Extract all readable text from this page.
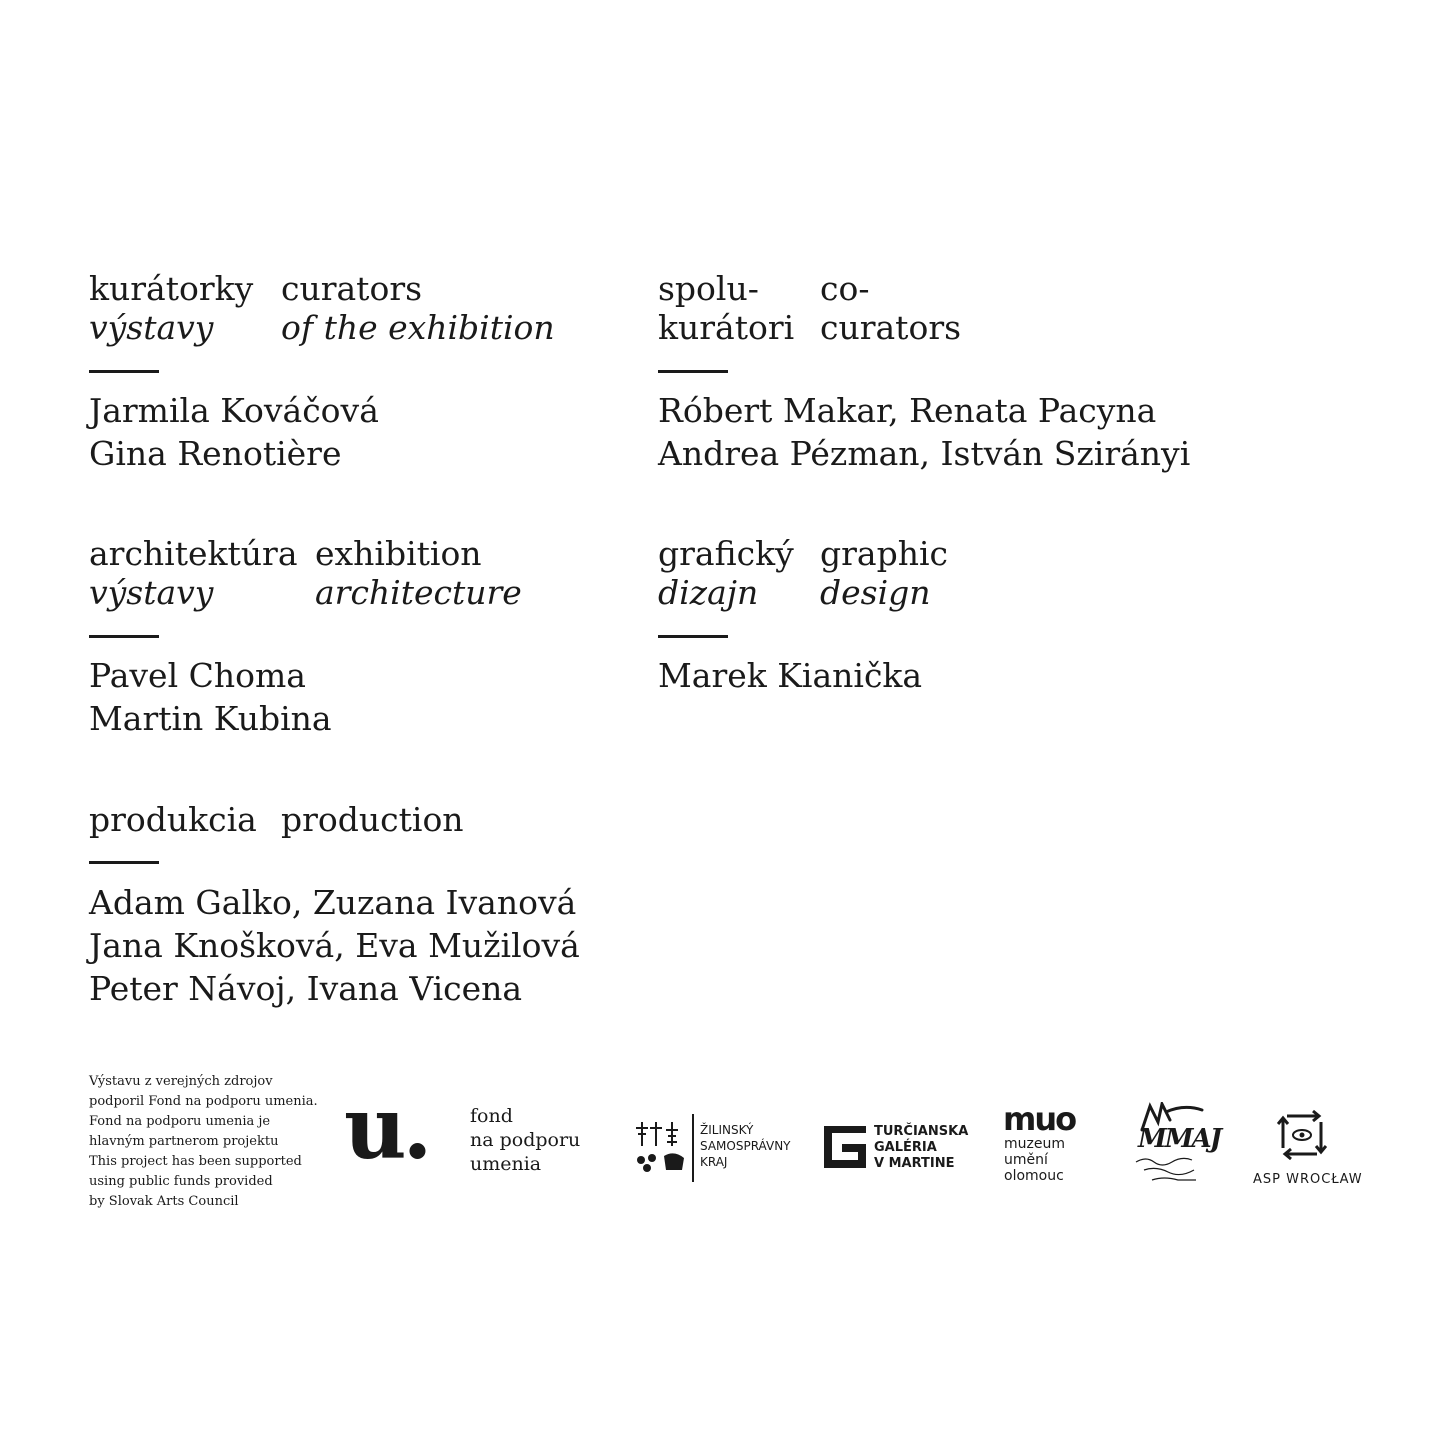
kurátorky
výstavy
curators
of the exhibition
Jarmila Kováčová
Gina Renotière
spolu-
kurátori
co-
curators
Róbert Makar, Renata Pacyna
Andrea Pézman, István Szirányi
architektúra
výstavy
exhibition
architecture
Pavel Choma
Martin Kubina
grafický
dizajn
graphic
design
Marek Kianička
produkcia production
Adam Galko, Zuzana Ivanová
Jana Knošková, Eva Mužilová
Peter Návoj, Ivana Vicena
Výstavu z verejných zdrojov
podporil Fond na podporu umenia.
Fond na podporu umenia je
hlavným partnerom projektu
This project has been supported
using public funds provided
by Slovak Arts Council
u. fond
na podporu
umenia
ŽILINSKÝ
SAMOSPRÁVNY
KRAJ
TURČIANSKA
GALÉRIA
V MARTINE
muo
muzeum
umění
olomouc
MMAJ
ASP WROCŁAW
